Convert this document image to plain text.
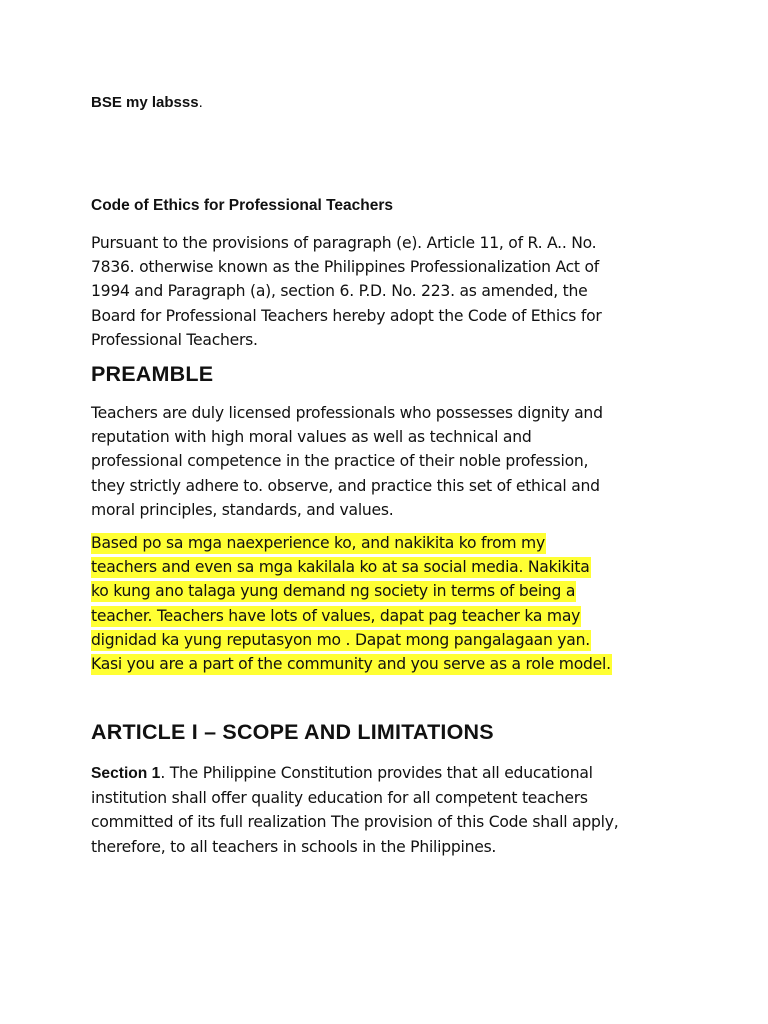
BSE my labsss.
Code of Ethics for Professional Teachers
Pursuant to the provisions of paragraph (e). Article 11, of R. A.. No.
7836. otherwise known as the Philippines Professionalization Act of
1994 and Paragraph (a), section 6. P.D. No. 223. as amended, the
Board for Professional Teachers hereby adopt the Code of Ethics for
Professional Teachers.
PREAMBLE
Teachers are duly licensed professionals who possesses dignity and
reputation with high moral values as well as technical and
professional competence in the practice of their noble profession,
they strictly adhere to. observe, and practice this set of ethical and
moral principles, standards, and values.
Based po sa mga naexperience ko, and nakikita ko from my
teachers and even sa mga kakilala ko at sa social media. Nakikita
ko kung ano talaga yung demand ng society in terms of being a
teacher. Teachers have lots of values, dapat pag teacher ka may
dignidad ka yung reputasyon mo . Dapat mong pangalagaan yan.
Kasi you are a part of the community and you serve as a role model.
ARTICLE I – SCOPE AND LIMITATIONS
Section 1. The Philippine Constitution provides that all educational
institution shall offer quality education for all competent teachers
committed of its full realization The provision of this Code shall apply,
therefore, to all teachers in schools in the Philippines.
